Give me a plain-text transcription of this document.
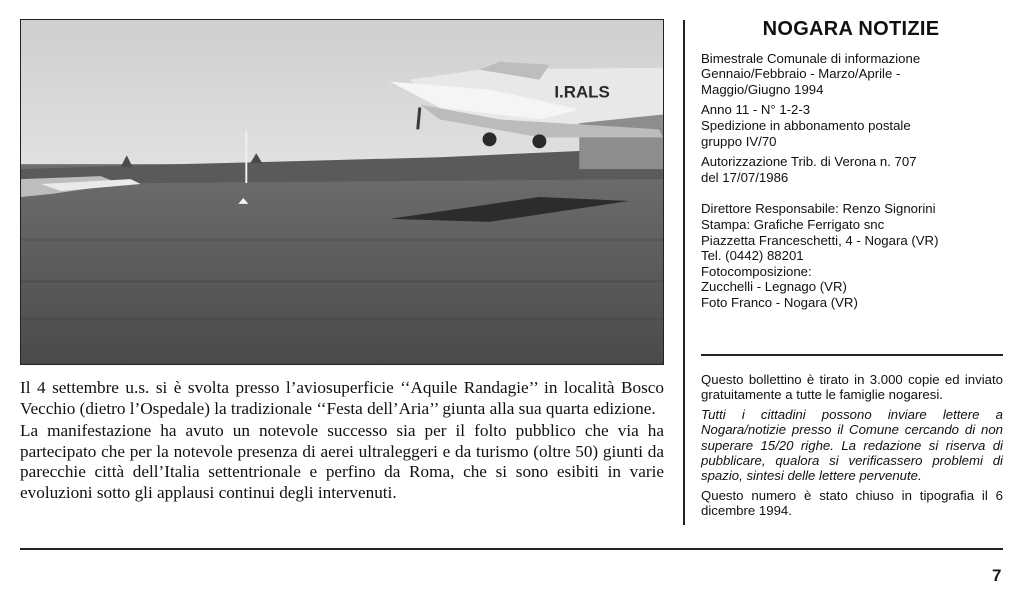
I.RALS

Il 4 settembre u.s. si è svolta presso l’aviosuperficie ‘‘Aquile Randagie’’ in località Bosco Vecchio (dietro l’Ospedale) la tradizionale ‘‘Festa dell’Aria’’ giunta alla sua quarta edizione.

La manifestazione ha avuto un notevole successo sia per il folto pubblico che via ha partecipato che per la notevole presenza di aerei ultraleggeri e da turismo (oltre 50) giunti da parecchie città dell’Italia settentrionale e perfino da Roma, che si sono esibiti in varie evoluzioni sotto gli applausi continui degli intervenuti.

NOGARA NOTIZIE
Bimestrale Comunale di informazione
Gennaio/Febbraio - Marzo/Aprile -
Maggio/Giugno 1994
Anno 11 - N° 1-2-3
Spedizione in abbonamento postale
gruppo IV/70
Autorizzazione Trib. di Verona n. 707
del 17/07/1986
Direttore Responsabile: Renzo Signorini
Stampa: Grafiche Ferrigato snc
Piazzetta Franceschetti, 4 - Nogara (VR)
Tel. (0442) 88201
Fotocomposizione:
Zucchelli - Legnago (VR)
Foto Franco - Nogara (VR)
Questo bollettino è tirato in 3.000 copie ed inviato gratuitamente a tutte le famiglie nogaresi.
Tutti i cittadini possono inviare lettere a Nogara/notizie presso il Comune cercando di non superare 15/20 righe. La redazione si riserva di pubblicare, qualora si verificassero problemi di spazio, sintesi delle lettere pervenute.
Questo numero è stato chiuso in tipografia il 6 dicembre 1994.
7
